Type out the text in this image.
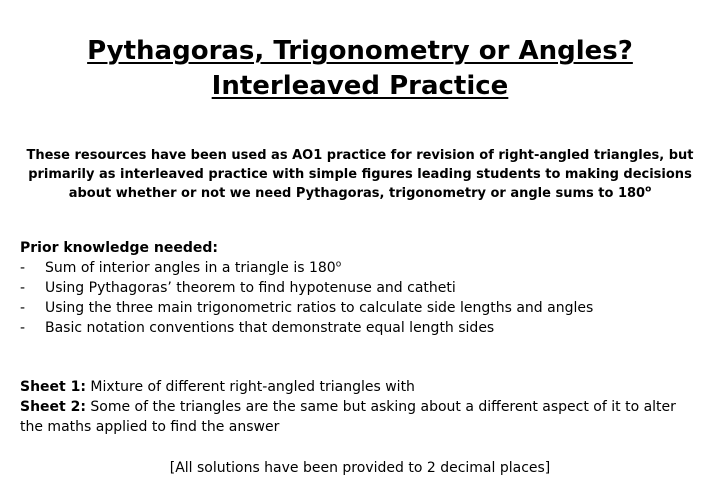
Pythagoras, Trigonometry or Angles?
Interleaved Practice
These resources have been used as AO1 practice for revision of right-angled triangles, but primarily as interleaved practice with simple figures leading students to making decisions about whether or not we need Pythagoras, trigonometry or angle sums to 180$^o$
Prior knowledge needed:
-	Sum of interior angles in a triangle is 180$^o$
-	Using Pythagoras’ theorem to find hypotenuse and catheti
-	Using the three main trigonometric ratios to calculate side lengths and angles
-	Basic notation conventions that demonstrate equal length sides
Sheet 1: Mixture of different right-angled triangles with
Sheet 2: Some of the triangles are the same but asking about a different aspect of it to alter the maths applied to find the answer
[All solutions have been provided to 2 decimal places]
